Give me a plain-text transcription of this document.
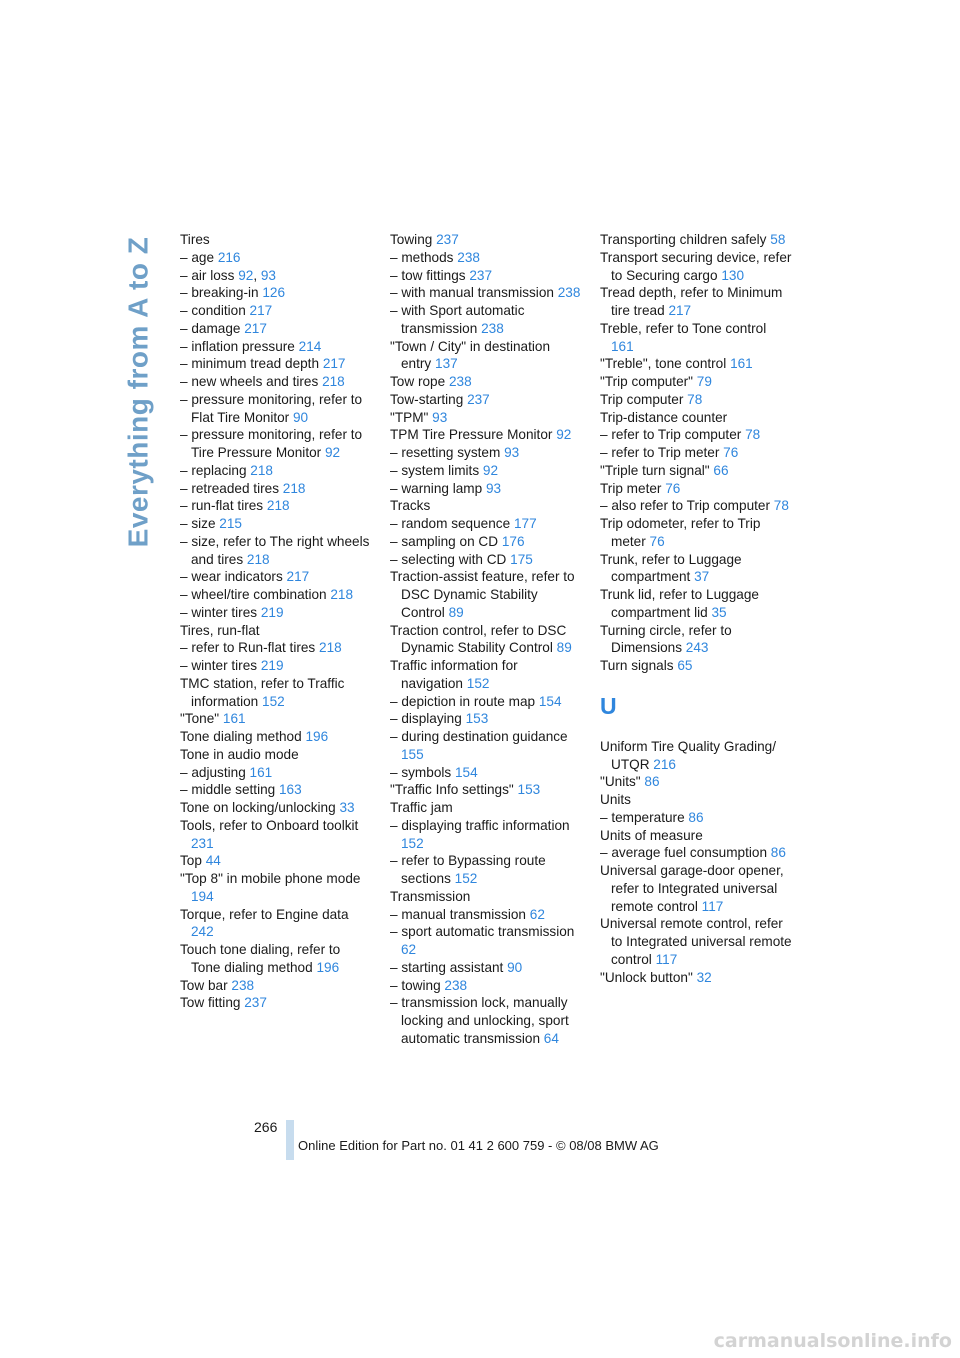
Everything from A to Z Tires
– age 216
– air loss 92, 93
– breaking-in 126
– condition 217
– damage 217
– inflation pressure 214
– minimum tread depth 217
– new wheels and tires 218
– pressure monitoring, refer to Flat Tire Monitor 90
– pressure monitoring, refer to Tire Pressure Monitor 92
– replacing 218
– retreaded tires 218
– run-flat tires 218
– size 215
– size, refer to The right wheels and tires 218
– wear indicators 217
– wheel/tire combination 218
– winter tires 219
Tires, run-flat
– refer to Run-flat tires 218
– winter tires 219
TMC station, refer to Traffic information 152
"Tone" 161
Tone dialing method 196
Tone in audio mode
– adjusting 161
– middle setting 163
Tone on locking/unlocking 33
Tools, refer to Onboard toolkit 231
Top 44
"Top 8" in mobile phone mode 194
Torque, refer to Engine data 242
Touch tone dialing, refer to Tone dialing method 196
Tow bar 238
Tow fitting 237
Towing 237
– methods 238
– tow fittings 237
– with manual transmission 238
– with Sport automatic transmission 238
"Town / City" in destination entry 137
Tow rope 238
Tow-starting 237
"TPM" 93
TPM Tire Pressure Monitor 92
– resetting system 93
– system limits 92
– warning lamp 93
Tracks
– random sequence 177
– sampling on CD 176
– selecting with CD 175
Traction-assist feature, refer to DSC Dynamic Stability Control 89
Traction control, refer to DSC Dynamic Stability Control 89
Traffic information for navigation 152
– depiction in route map 154
– displaying 153
– during destination guidance 155
– symbols 154
"Traffic Info settings" 153
Traffic jam
– displaying traffic information 152
– refer to Bypassing route sections 152
Transmission
– manual transmission 62
– sport automatic transmission 62
– starting assistant 90
– towing 238
– transmission lock, manually locking and unlocking, sport automatic transmission 64
Transporting children safely 58
Transport securing device, refer to Securing cargo 130
Tread depth, refer to Minimum tire tread 217
Treble, refer to Tone control 161
"Treble", tone control 161
"Trip computer" 79
Trip computer 78
Trip-distance counter
– refer to Trip computer 78
– refer to Trip meter 76
"Triple turn signal" 66
Trip meter 76
– also refer to Trip computer 78
Trip odometer, refer to Trip meter 76
Trunk, refer to Luggage compartment 37
Trunk lid, refer to Luggage compartment lid 35
Turning circle, refer to Dimensions 243
Turn signals 65
U
Uniform Tire Quality Grading/ UTQR 216
"Units" 86
Units
– temperature 86
Units of measure
– average fuel consumption 86
Universal garage-door opener, refer to Integrated universal remote control 117
Universal remote control, refer to Integrated universal remote control 117
"Unlock button" 32
266
Online Edition for Part no. 01 41 2 600 759 - © 08/08 BMW AG
carmanualsonline.info
